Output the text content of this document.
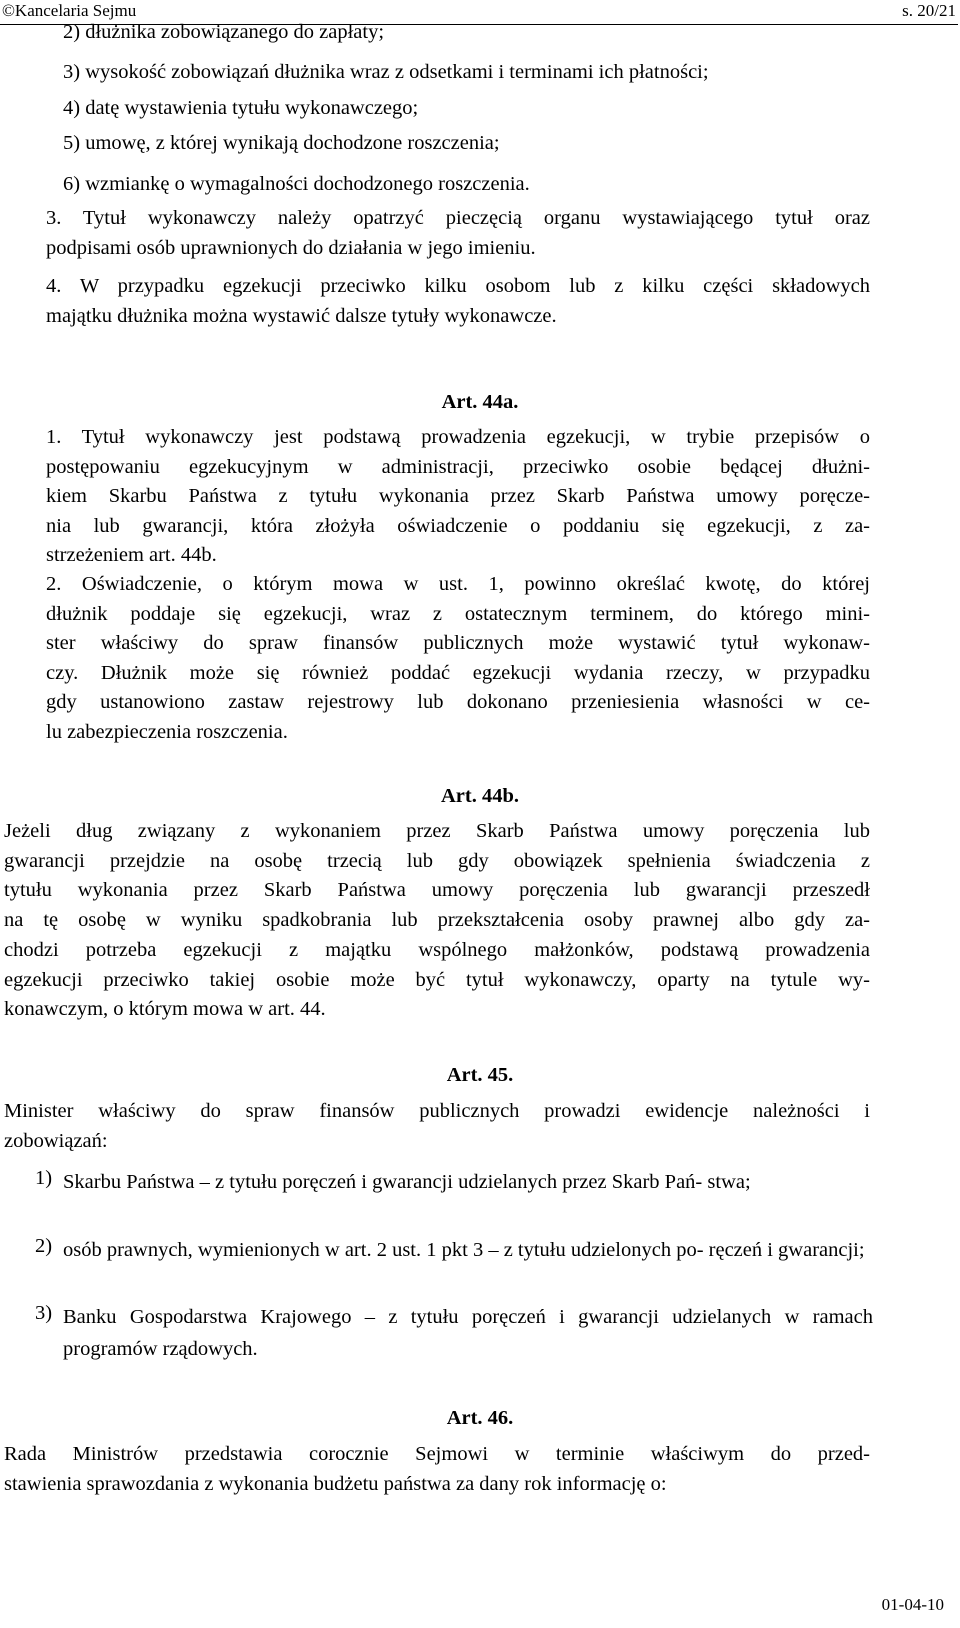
©Kancelaria Sejmu	s. 20/21
2) dłużnika zobowiązanego do zapłaty;
3) wysokość zobowiązań dłużnika wraz z odsetkami i terminami ich płatności;
4) datę wystawienia tytułu wykonawczego;
5) umowę, z której wynikają dochodzone roszczenia;
6) wzmiankę o wymagalności dochodzonego roszczenia.
3. Tytuł wykonawczy należy opatrzyć pieczęcią organu wystawiającego tytuł oraz
podpisami osób uprawnionych do działania w jego imieniu.
4. W przypadku egzekucji przeciwko kilku osobom lub z kilku części składowych
majątku dłużnika można wystawić dalsze tytuły wykonawcze.
Art. 44a.
1. Tytuł wykonawczy jest podstawą prowadzenia egzekucji, w trybie przepisów o
postępowaniu egzekucyjnym w administracji, przeciwko osobie będącej dłużni-
kiem Skarbu Państwa z tytułu wykonania przez Skarb Państwa umowy poręcze-
nia lub gwarancji, która złożyła oświadczenie o poddaniu się egzekucji, z za-
strzeżeniem art. 44b.
2. Oświadczenie, o którym mowa w ust. 1, powinno określać kwotę, do której
dłużnik poddaje się egzekucji, wraz z ostatecznym terminem, do którego mini-
ster właściwy do spraw finansów publicznych może wystawić tytuł wykonaw-
czy. Dłużnik może się również poddać egzekucji wydania rzeczy, w przypadku
gdy ustanowiono zastaw rejestrowy lub dokonano przeniesienia własności w ce-
lu zabezpieczenia roszczenia.
Art. 44b.
Jeżeli dług związany z wykonaniem przez Skarb Państwa umowy poręczenia lub
gwarancji przejdzie na osobę trzecią lub gdy obowiązek spełnienia świadczenia z
tytułu wykonania przez Skarb Państwa umowy poręczenia lub gwarancji przeszedł
na tę osobę w wyniku spadkobrania lub przekształcenia osoby prawnej albo gdy za-
chodzi potrzeba egzekucji z majątku wspólnego małżonków, podstawą prowadzenia
egzekucji przeciwko takiej osobie może być tytuł wykonawczy, oparty na tytule wy-
konawczym, o którym mowa w art. 44.
Art. 45.
Minister właściwy do spraw finansów publicznych prowadzi ewidencje należności i
zobowiązań:
1) Skarbu Państwa – z tytułu poręczeń i gwarancji udzielanych przez Skarb Pań- stwa;
2) osób prawnych, wymienionych w art. 2 ust. 1 pkt 3 – z tytułu udzielonych po- ręczeń i gwarancji;
3) Banku Gospodarstwa Krajowego – z tytułu poręczeń i gwarancji udzielanych w ramach programów rządowych.
Art. 46.
Rada Ministrów przedstawia corocznie Sejmowi w terminie właściwym do przed-
stawienia sprawozdania z wykonania budżetu państwa za dany rok informację o:
01-04-10
